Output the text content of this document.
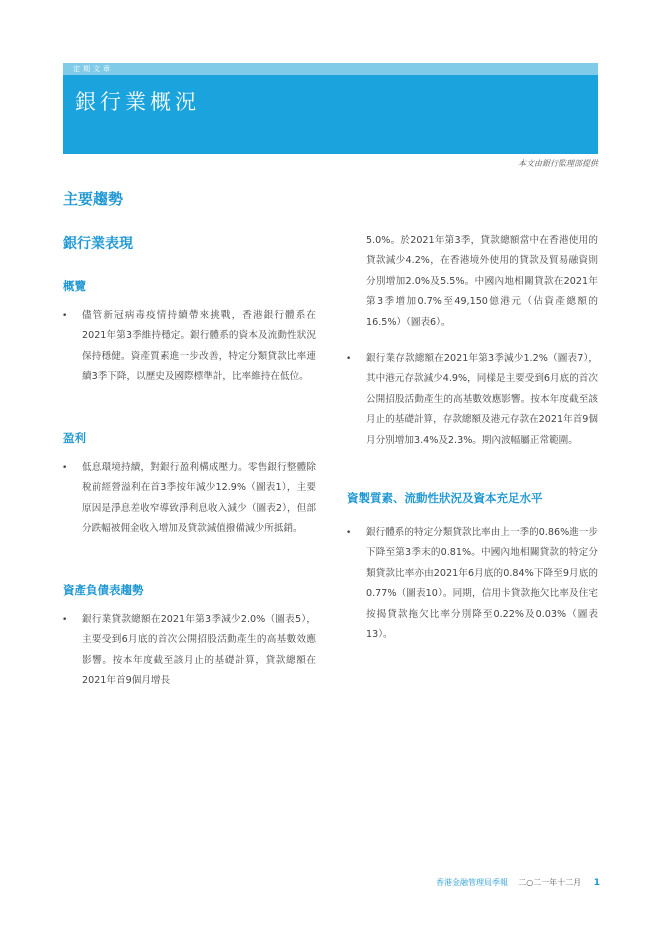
定期文章
銀行業概況
本文由銀行監理部提供
主要趨勢
銀行業表現
概覽
• 儘管新冠病毒疫情持續帶來挑戰，香港銀行體系在2021年第3季維持穩定。銀行體系的資本及流動性狀況保持穩健。資產質素進一步改善，特定分類貸款比率連續3季下降，以歷史及國際標準計，比率維持在低位。
盈利
• 低息環境持續，對銀行盈利構成壓力。零售銀行整體除稅前經營溢利在首3季按年減少12.9%（圖表1），主要原因是淨息差收窄導致淨利息收入減少（圖表2），但部分跌幅被佣金收入增加及貸款減值撥備減少所抵銷。
資產負債表趨勢
• 銀行業貸款總額在2021年第3季減少2.0%（圖表5），主要受到6月底的首次公開招股活動產生的高基數效應影響。按本年度截至該月止的基礎計算，貸款總額在2021年首9個月增長
5.0%。於2021年第3季，貸款總額當中在香港使用的貸款減少4.2%，在香港境外使用的貸款及貿易融資則分別增加2.0%及5.5%。中國內地相關貸款在2021年第3季增加0.7%至49,150億港元（佔資產總額的16.5%）（圖表6）。
• 銀行業存款總額在2021年第3季減少1.2%（圖表7），其中港元存款減少4.9%，同樣是主要受到6月底的首次公開招股活動產生的高基數效應影響。按本年度截至該月止的基礎計算，存款總額及港元存款在2021年首9個月分別增加3.4%及2.3%。期內波幅屬正常範圍。
資製質素、流動性狀況及資本充足水平
• 銀行體系的特定分類貸款比率由上一季的0.86%進一步下降至第3季末的0.81%。中國內地相關貸款的特定分類貸款比率亦由2021年6月底的0.84%下降至9月底的0.77%（圖表10）。同期，信用卡貸款拖欠比率及住宅按揭貸款拖欠比率分別降至0.22%及0.03%（圖表13）。
香港金融管理局季報 二○二一年十二月 1
